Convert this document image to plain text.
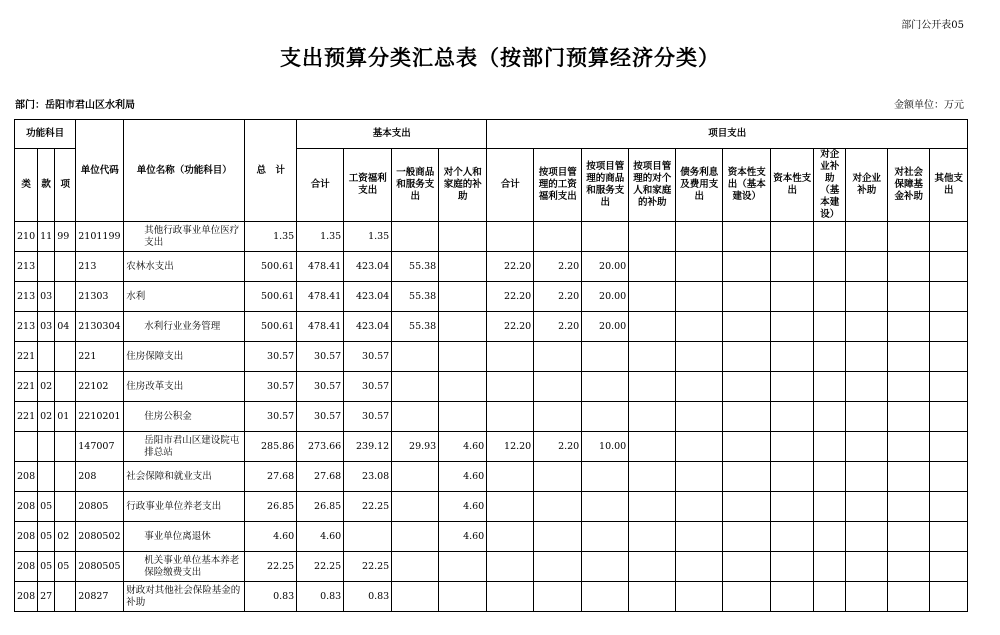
部门公开表05
支出预算分类汇总表（按部门预算经济分类）
部门：岳阳市君山区水利局	金额单位：万元
功能科目			单位代码	单位名称（功能科目）	总　计	基本支出				项目支出										
类	款	项				合计	工资福利支出	一般商品和服务支出	对个人和家庭的补助	合计	按项目管理的工资福利支出	按项目管理的商品和服务支出	按项目管理的对个人和家庭的补助	债务利息及费用支出	资本性支出（基本建设）	资本性支出	对企业补助（基本建设）	对企业补助	对社会保障基金补助	其他支出
210	11	99	2101199	其他行政事业单位医疗支出	1.35	1.35	1.35													
213			213	农林水支出	500.61	478.41	423.04	55.38		22.20	2.20	20.00								
213	03		21303	水利	500.61	478.41	423.04	55.38		22.20	2.20	20.00								
213	03	04	2130304	水利行业业务管理	500.61	478.41	423.04	55.38		22.20	2.20	20.00								
221			221	住房保障支出	30.57	30.57	30.57													
221	02		22102	住房改革支出	30.57	30.57	30.57													
221	02	01	2210201	住房公积金	30.57	30.57	30.57													
			147007	岳阳市君山区建设院屯排总站	285.86	273.66	239.12	29.93	4.60	12.20	2.20	10.00								
208			208	社会保障和就业支出	27.68	27.68	23.08		4.60											
208	05		20805	行政事业单位养老支出	26.85	26.85	22.25		4.60											
208	05	02	2080502	事业单位离退休	4.60	4.60			4.60											
208	05	05	2080505	机关事业单位基本养老保险缴费支出	22.25	22.25	22.25													
208	27		20827	财政对其他社会保险基金的补助	0.83	0.83	0.83													
